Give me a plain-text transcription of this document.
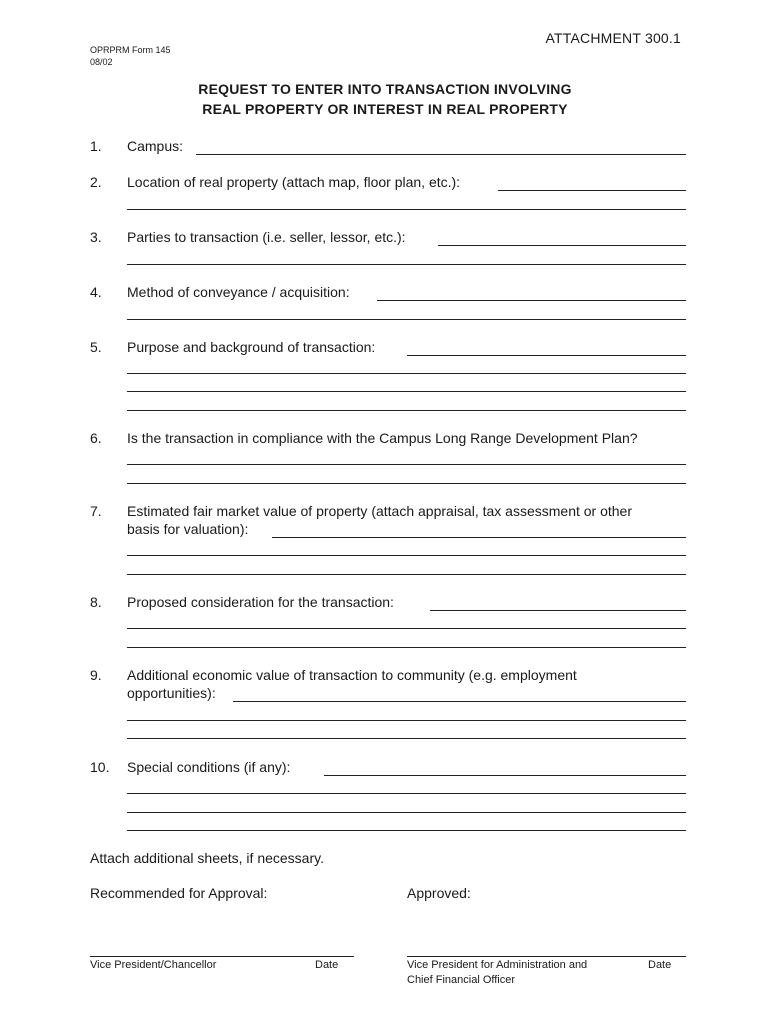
ATTACHMENT 300.1
OPRPRM Form 145
08/02
REQUEST TO ENTER INTO TRANSACTION INVOLVING
REAL PROPERTY OR INTEREST IN REAL PROPERTY
1. Campus:
2. Location of real property (attach map, floor plan, etc.):
3. Parties to transaction (i.e. seller, lessor, etc.):
4. Method of conveyance / acquisition:
5. Purpose and background of transaction:
6. Is the transaction in compliance with the Campus Long Range Development Plan?
7. Estimated fair market value of property (attach appraisal, tax assessment or other
basis for valuation):
8. Proposed consideration for the transaction:
9. Additional economic value of transaction to community (e.g. employment
opportunities):
10. Special conditions (if any):
Attach additional sheets, if necessary.
Recommended for Approval:	Approved:
Vice President/Chancellor	Date	Vice President for Administration and
Chief Financial Officer
Date
